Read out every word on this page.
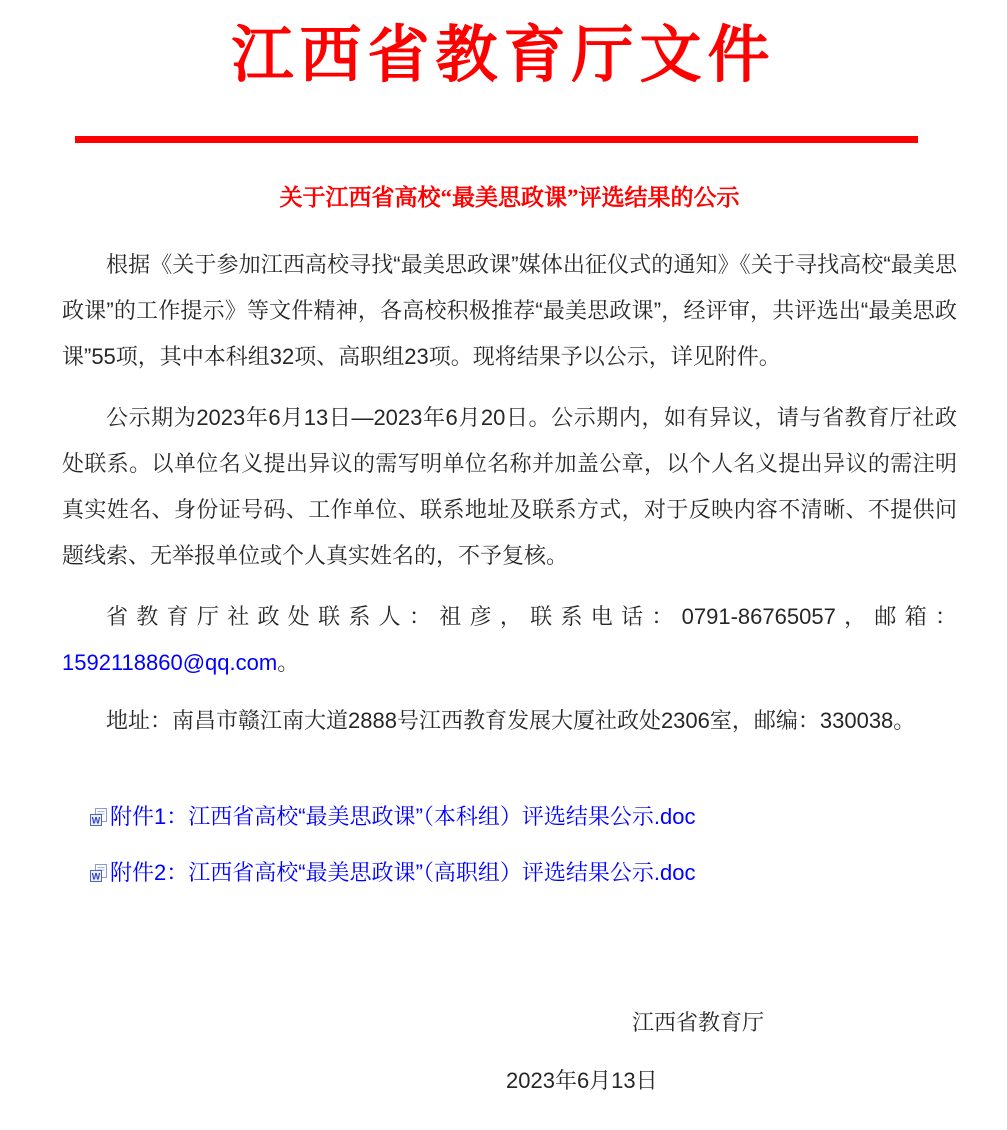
江西省教育厅文件
关于江西省高校“最美思政课”评选结果的公示

根据《关于参加江西高校寻找“最美思政课”媒体出征仪式的通知》《关于寻找高校“最美思政课”的工作提示》等文件精神，各高校积极推荐“最美思政课”，经评审，共评选出“最美思政课”55项，其中本科组32项、高职组23项。现将结果予以公示，详见附件。

公示期为2023年6月13日—2023年6月20日。公示期内，如有异议，请与省教育厅社政处联系。以单位名义提出异议的需写明单位名称并加盖公章，以个人名义提出异议的需注明真实姓名、身份证号码、工作单位、联系地址及联系方式，对于反映内容不清晰、不提供问题线索、无举报单位或个人真实姓名的，不予复核。

省教育厅社政处联系人：祖彦，联系电话：0791-86765057，邮箱：
1592118860@qq.com。

地址：南昌市赣江南大道2888号江西教育发展大厦社政处2306室，邮编：330038。

W 附件1：江西省高校“最美思政课”（本科组）评选结果公示.doc
W 附件2：江西省高校“最美思政课”（高职组）评选结果公示.doc
江西省教育厅
2023年6月13日
